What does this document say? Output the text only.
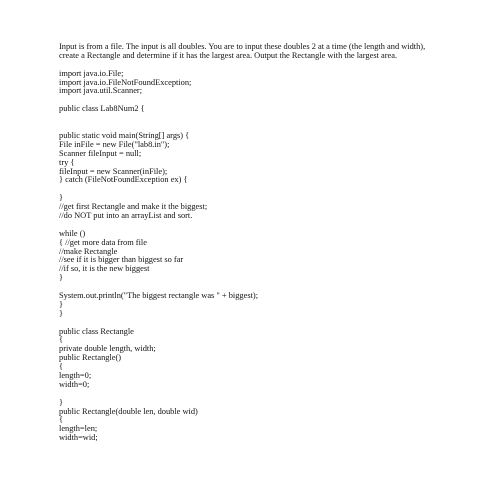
Input is from a file. The input is all doubles. You are to input these doubles 2 at a time (the length and width), create a Rectangle and determine if it has the largest area. Output the Rectangle with the largest area.

import java.io.File;
import java.io.FileNotFoundException;
import java.util.Scanner;
public class Lab8Num2 {
public static void main(String[] args) {
File inFile = new File("lab8.in");
Scanner fileInput = null;
try {
fileInput = new Scanner(inFile);
} catch (FileNotFoundException ex) {
}
//get first Rectangle and make it the biggest;
//do NOT put into an arrayList and sort.
while ()
{ //get more data from file
//make Rectangle
//see if it is bigger than biggest so far
//if so, it is the new biggest
}
System.out.println("The biggest rectangle was " + biggest);
}
}
public class Rectangle
{
private double length, width;
public Rectangle()
{
length=0;
width=0;
}
public Rectangle(double len, double wid)
{
length=len;
width=wid;
